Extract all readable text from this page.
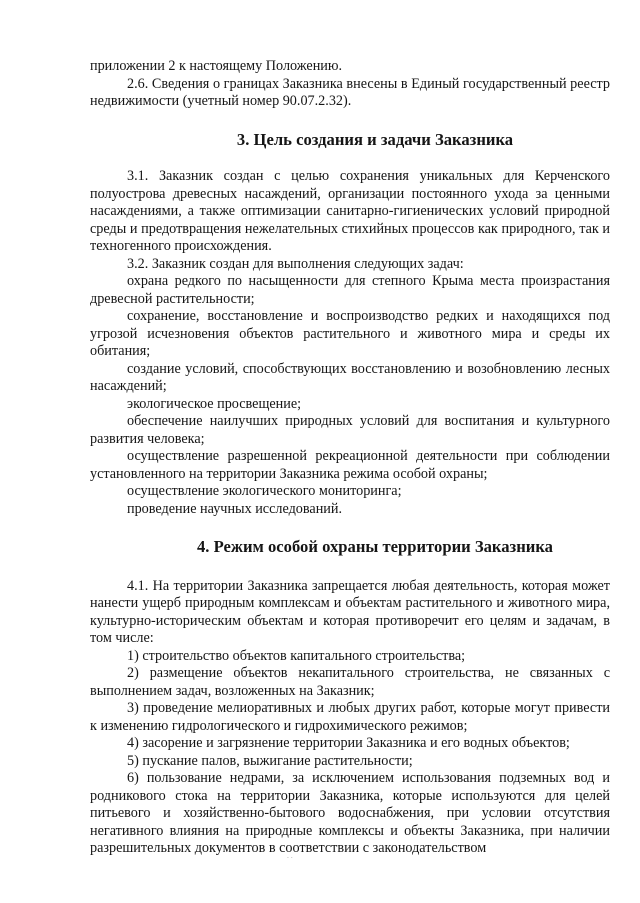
приложении 2 к настоящему Положению.

2.6. Сведения о границах Заказника внесены в Единый государственный реестр недвижимости (учетный номер 90.07.2.32).

3. Цель создания и задачи Заказника

3.1. Заказник создан с целью сохранения уникальных для Керченского полуострова древесных насаждений, организации постоянного ухода за ценными насаждениями, а также оптимизации санитарно-гигиенических условий природной среды и предотвращения нежелательных стихийных процессов как природного, так и техногенного происхождения.

3.2. Заказник создан для выполнения следующих задач:

охрана редкого по насыщенности для степного Крыма места произрастания древесной растительности;

сохранение, восстановление и воспроизводство редких и находящихся под угрозой исчезновения объектов растительного и животного мира и среды их обитания;

создание условий, способствующих восстановлению и возобновлению лесных насаждений;

экологическое просвещение;

обеспечение наилучших природных условий для воспитания и культурного развития человека;

осуществление разрешенной рекреационной деятельности при соблюдении установленного на территории Заказника режима особой охраны;

осуществление экологического мониторинга;

проведение научных исследований.

4. Режим особой охраны территории Заказника

4.1. На территории Заказника запрещается любая деятельность, которая может нанести ущерб природным комплексам и объектам растительного и животного мира, культурно-историческим объектам и которая противоречит его целям и задачам, в том числе:

1) строительство объектов капитального строительства;

2) размещение объектов некапитального строительства, не связанных с выполнением задач, возложенных на Заказник;

3) проведение мелиоративных и любых других работ, которые могут привести к изменению гидрологического и гидрохимического режимов;

4) засорение и загрязнение территории Заказника и его водных объектов;

5) пускание палов, выжигание растительности;

6) пользование недрами, за исключением использования подземных вод и родникового стока на территории Заказника, которые используются для целей питьевого и хозяйственно-бытового водоснабжения, при условии отсутствия негативного влияния на природные комплексы и объекты Заказника, при наличии разрешительных документов в соответствии с законодательством

· ·
